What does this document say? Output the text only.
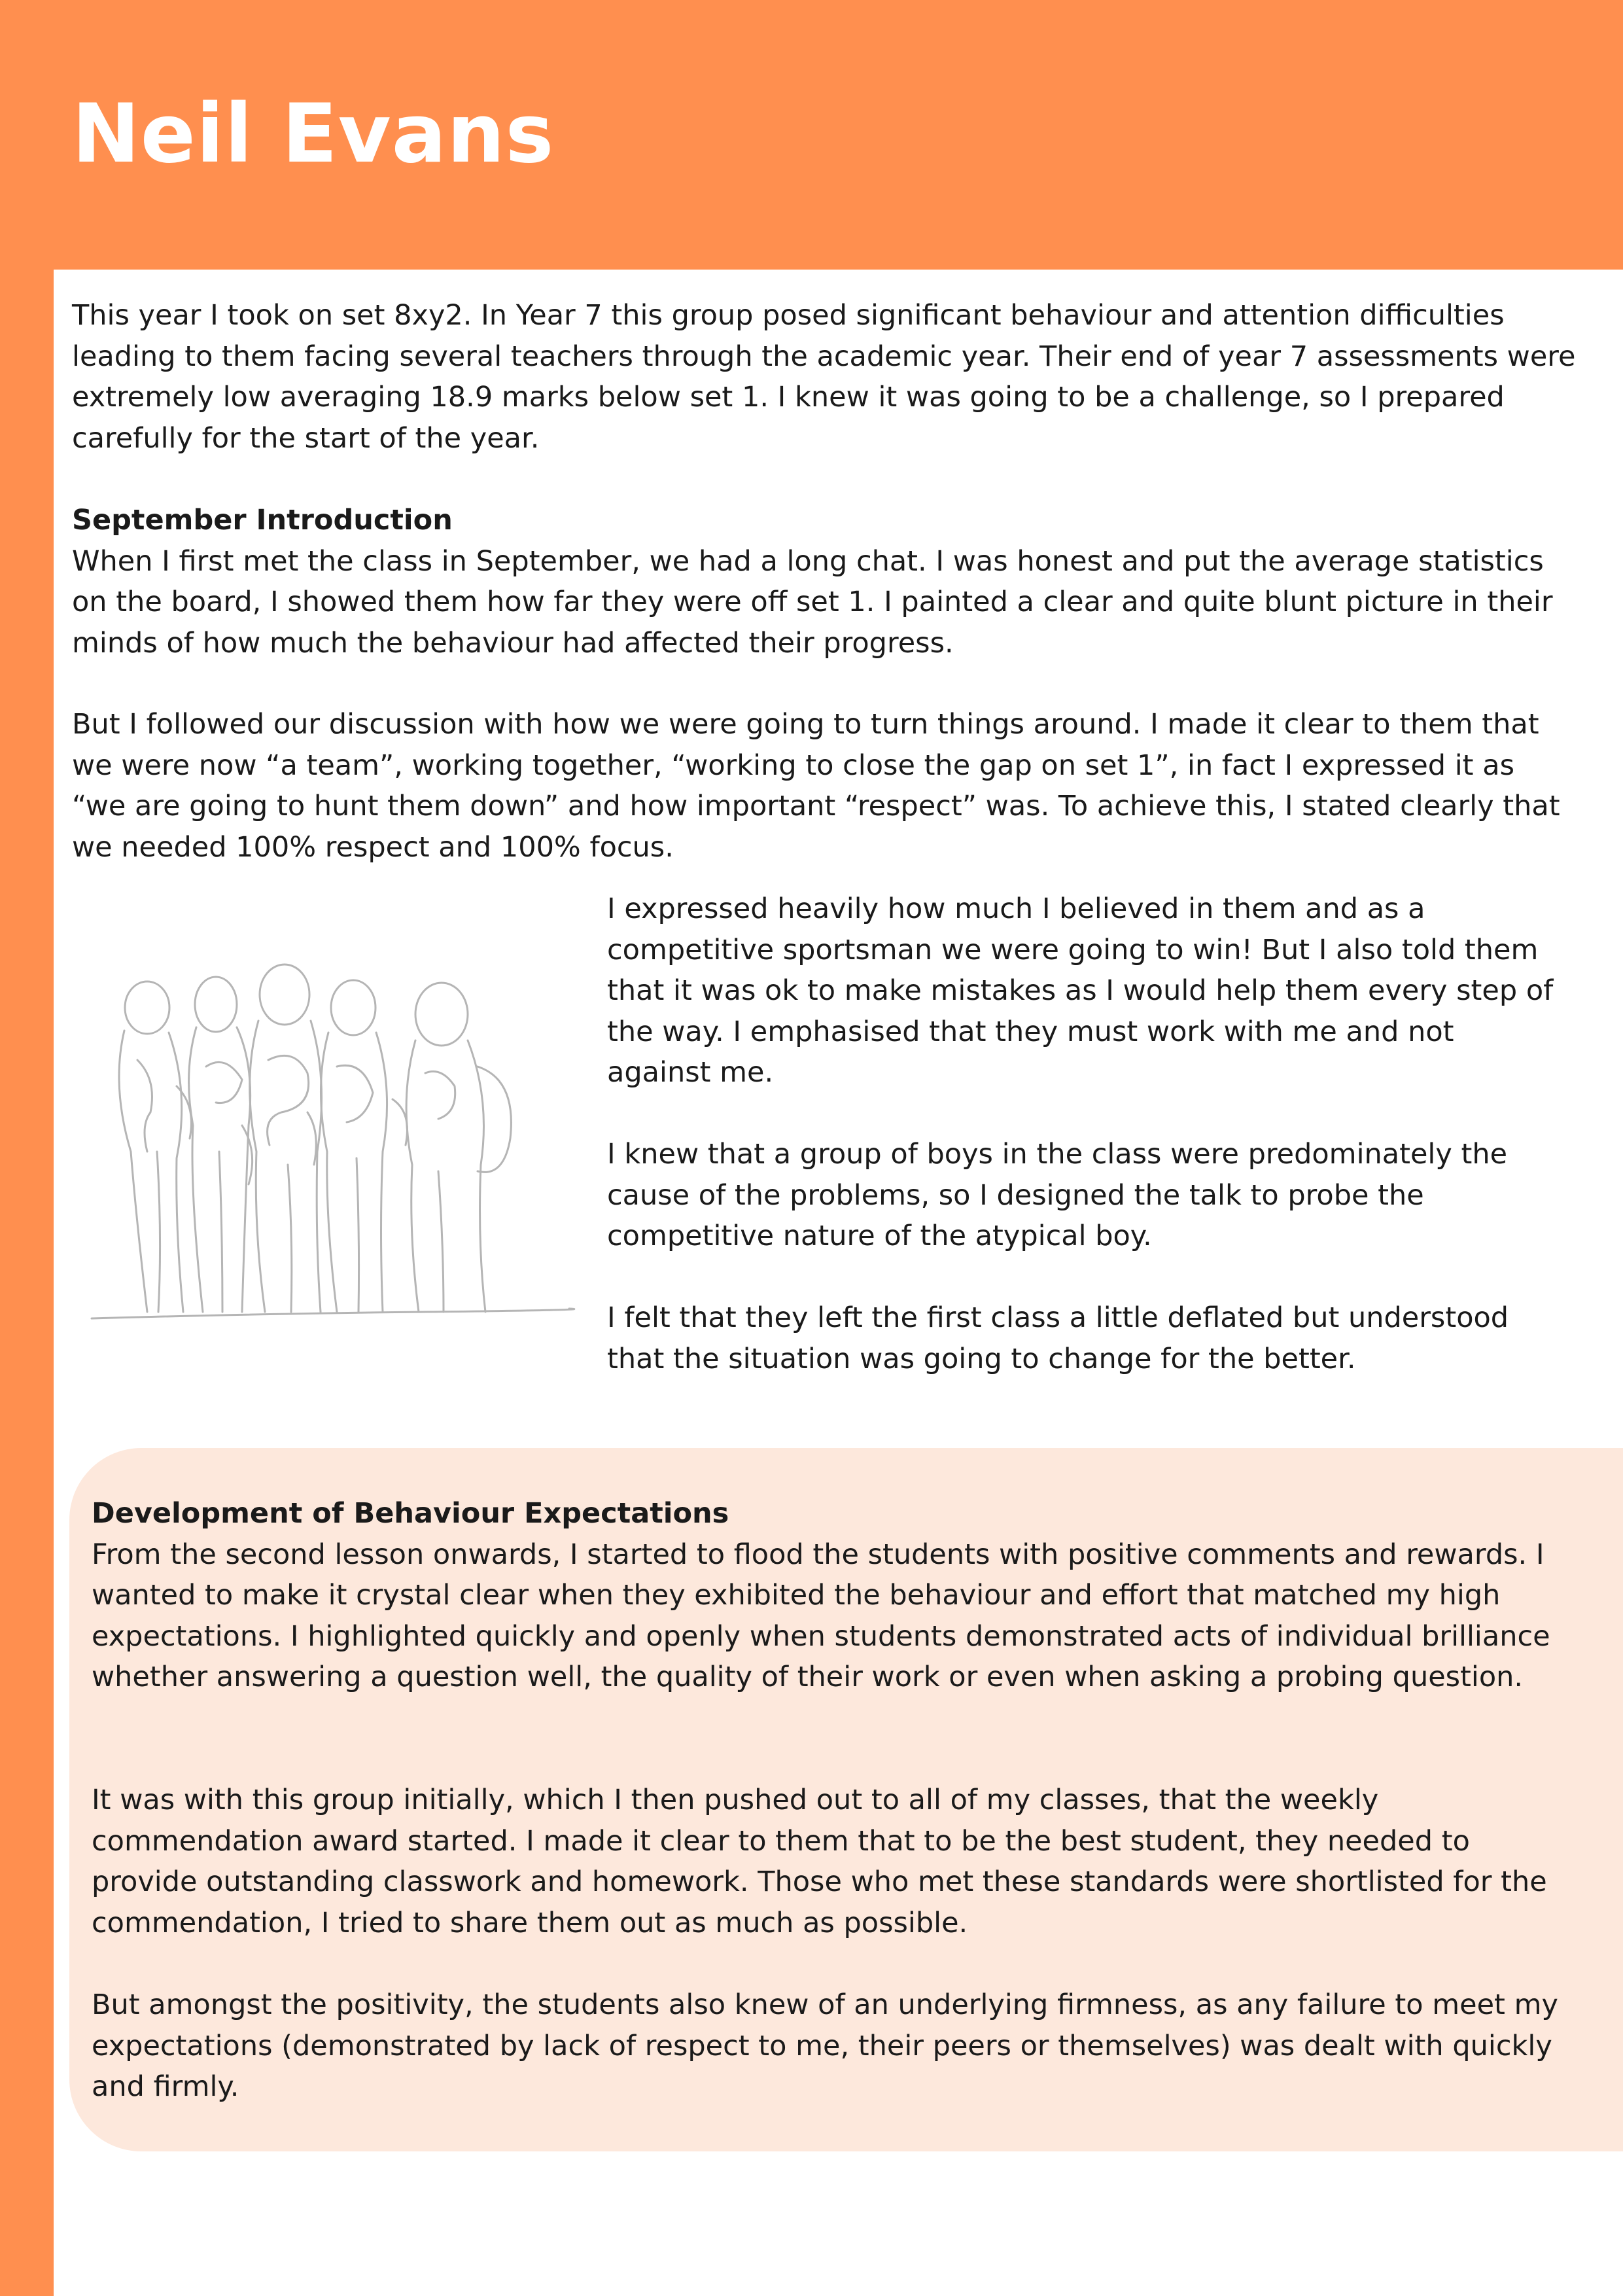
Neil Evans

This year I took on set 8xy2. In Year 7 this group posed significant behaviour and attention difficulties leading to them facing several teachers through the academic year. Their end of year 7 assessments were extremely low averaging 18.9 marks below set 1. I knew it was going to be a challenge, so I prepared carefully for the start of the year.

September Introduction
When I first met the class in September, we had a long chat. I was honest and put the average statistics on the board, I showed them how far they were off set 1. I painted a clear and quite blunt picture in their minds of how much the behaviour had affected their progress.

But I followed our discussion with how we were going to turn things around. I made it clear to them that we were now “a team”, working together, “working to close the gap on set 1”, in fact I expressed it as “we are going to hunt them down” and how important “respect” was. To achieve this, I stated clearly that we needed 100% respect and 100% focus.

I expressed heavily how much I believed in them and as a competitive sportsman we were going to win! But I also told them that it was ok to make mistakes as I would help them every step of the way. I emphasised that they must work with me and not against me.

I knew that a group of boys in the class were predominately the cause of the problems, so I designed the talk to probe the competitive nature of the atypical boy.

I felt that they left the first class a little deflated but understood that the situation was going to change for the better.

Development of Behaviour Expectations
From the second lesson onwards, I started to flood the students with positive comments and rewards. I wanted to make it crystal clear when they exhibited the behaviour and effort that matched my high expectations. I highlighted quickly and openly when students demonstrated acts of individual brilliance whether answering a question well, the quality of their work or even when asking a probing question.

It was with this group initially, which I then pushed out to all of my classes, that the weekly commendation award started. I made it clear to them that to be the best student, they needed to provide outstanding classwork and homework. Those who met these standards were shortlisted for the commendation, I tried to share them out as much as possible.

But amongst the positivity, the students also knew of an underlying firmness, as any failure to meet my expectations (demonstrated by lack of respect to me, their peers or themselves) was dealt with quickly and firmly.
